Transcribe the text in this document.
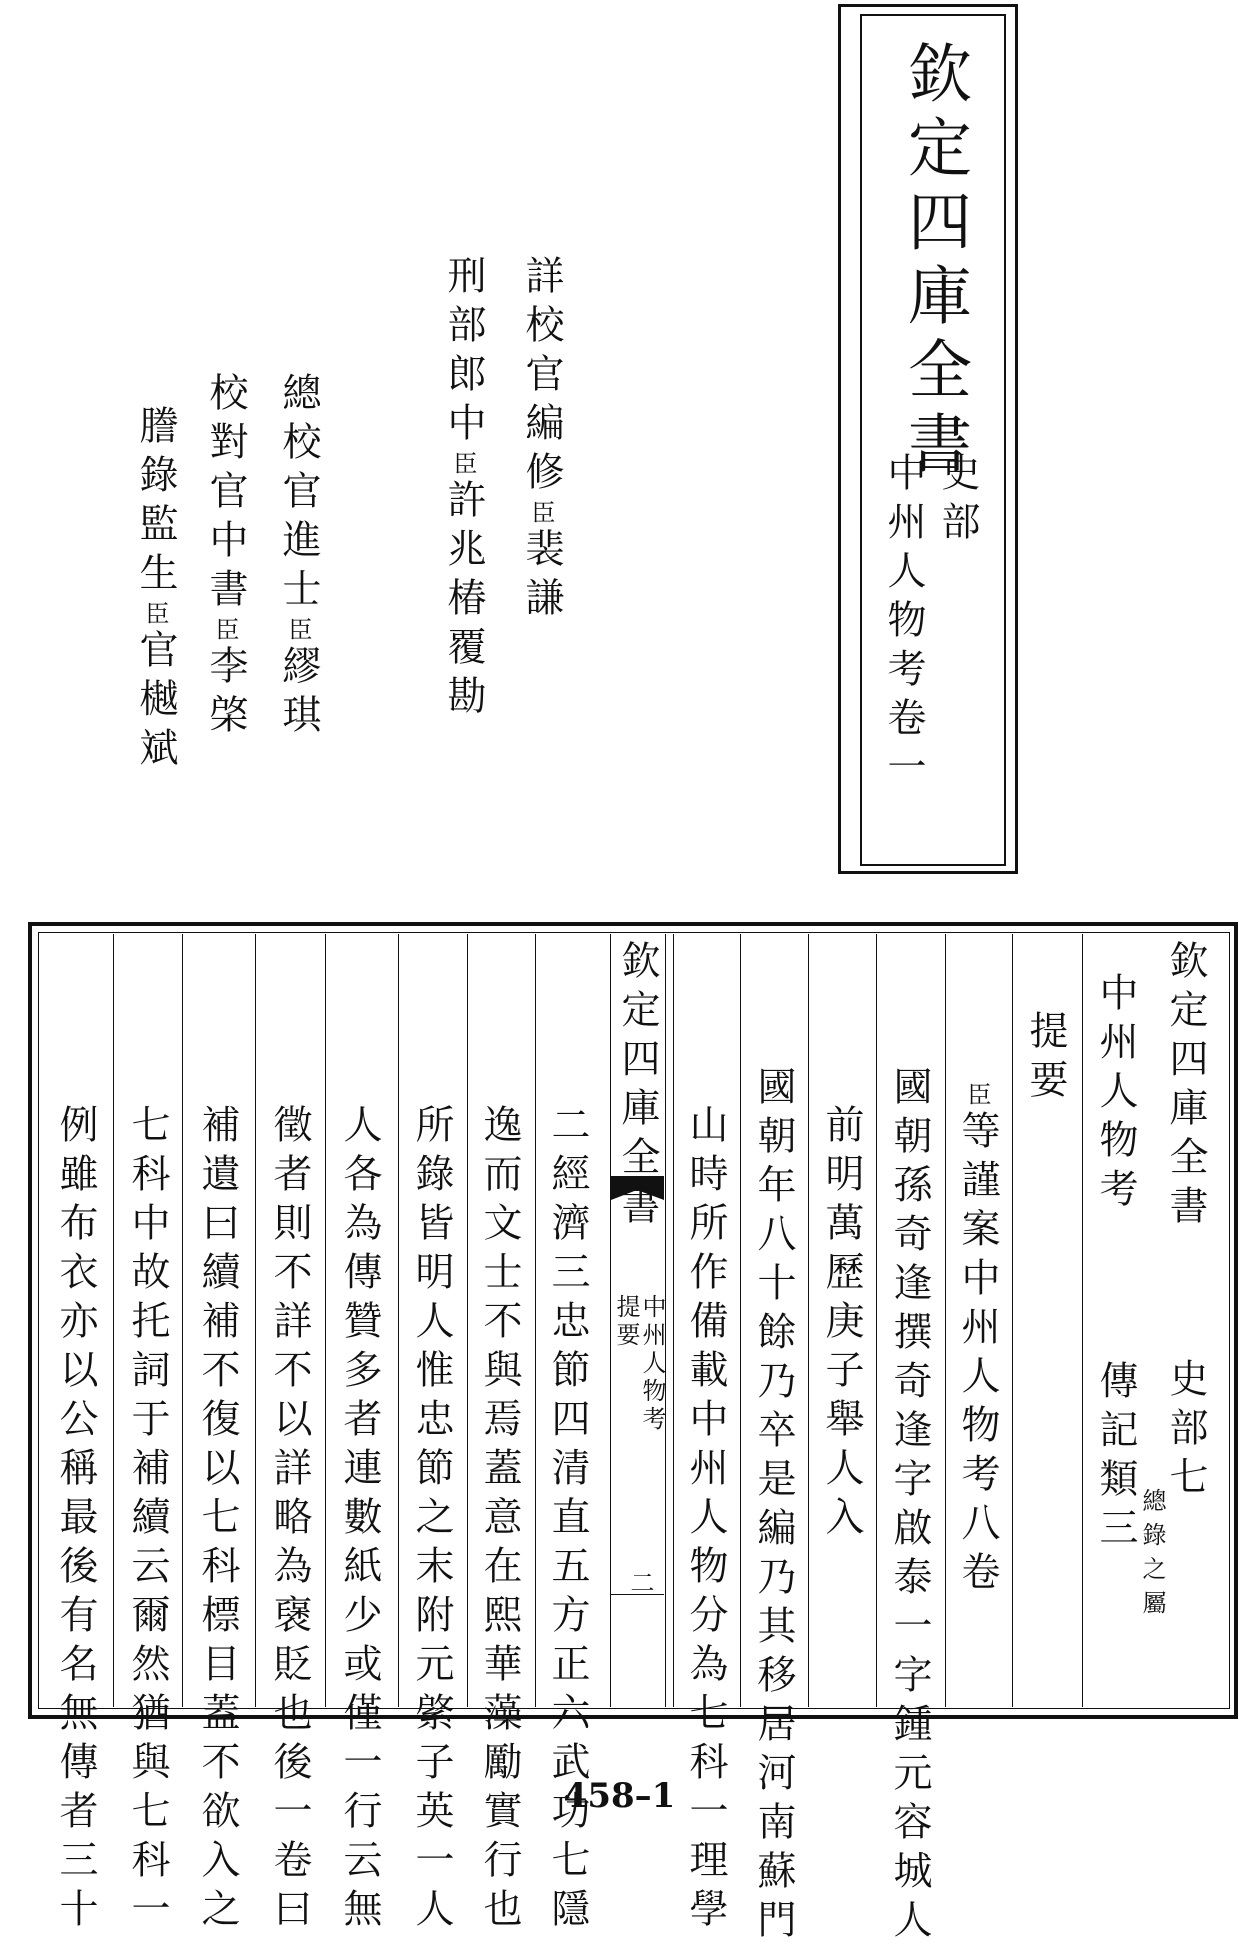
欽定四庫全書
史部
中州人物考卷一
詳校官編修臣裴謙
刑部郎中臣許兆椿覆勘
總校官進士臣繆琪
校對官中書臣李棨
謄錄監生臣官樾斌
欽定四庫全書
史部七
中州人物考
傳記類三 總錄之屬
提要
臣等謹案中州人物考八卷
國朝孫奇逢撰奇逢字啟泰一字鍾元容城人
前明萬歷庚子舉人入
國朝年八十餘乃卒是編乃其移居河南蘇門
山時所作備載中州人物分為七科一理學
欽定四庫全書
中州人物考
提要
二
二經濟三忠節四清直五方正六武功七隱
逸而文士不與焉蓋意在熙華藻勵實行也
所錄皆明人惟忠節之末附元綮子英一人
人各為傳贊多者連數紙少或僅一行云無
徵者則不詳不以詳略為襃貶也後一卷曰
補遺曰續補不復以七科標目蓋不欲入之
七科中故托詞于補續云爾然猶與七科一
例雖布衣亦以公稱最後有名無傳者三十	458–1
